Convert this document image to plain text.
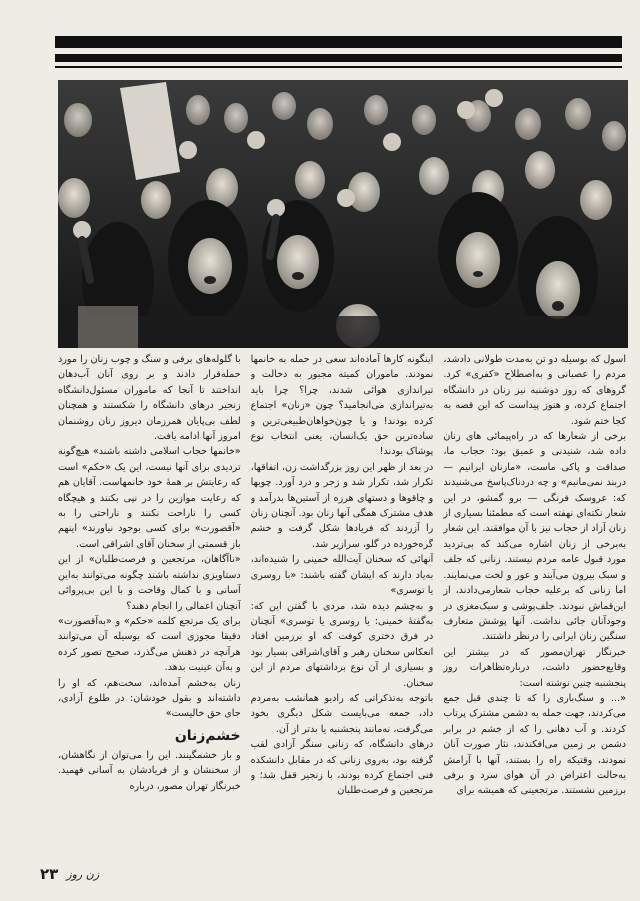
اسول که بوسیله دو تن به‌مدت طولانی دادشد، مردم را عصبانی و به‌اصطلاح «کفری» کرد. گروهای که روز دوشنبه نیز زنان در دانشگاه اجتماع کرده، و هنوز پیداست که این قصه به کجا ختم شود.

برخی از شعارها که در راه‌پیمائی های زنان داده شد، شنیدنی و عمیق بود: حجاب ما، صداقت و پاکی ماست، «مازنان ایرانیم — دربند نمی‌مانیم» و چه دردناک‌پاسخ می‌شنیدند که: عروسک فرنگی — برو گمشو، در این شعار نکته‌ای نهفته است که مطمئنا بسیاری از زنان آزاد از حجاب نیز با آن موافقند. این شعار به‌برخی از زنان اشاره می‌کند که بی‌تردید مورد قبول عامه مردم نیستند. زنانی که جلف و سبک بیرون می‌آیند و عور و لخت می‌نمایند. اما زنانی که برعلیه حجاب شعارمی‌دادند، از این‌قماش نبودند. جلف‌پوشی و سبک‌مغزی در وجودآنان جائی نداشت. آنها پوشش متعارف سنگین زنان ایرانی را درنظر داشتند.

خبرنگار تهران‌مصور که در بیشتر این وقایع‌حضور داشت، درباره‌تظاهرات روز پنجشنبه چنین نوشته است:

«... و سنگ‌باری را که تا چندی قبل جمع می‌کردند، جهت حمله به دشمن مشترک پرتاب کردند. و آب دهانی را که از خشم در برابر دشمن بر زمین می‌افکندند، نثار صورت آنان نمودند، وقتیکه راه را بستند، آنها با آرامش به‌حالت اعتراض در آن هوای سرد و برفی برزمین نشستند. مرتجعینی که همیشه برای

اینگونه کارها آماده‌اند سعی در حمله به خانمها نمودند. ماموران کمیته مجبور به دخالت و تیراندازی هوائی شدند، چرا؟ چرا باید به‌تیراندازی می‌انجامید؟ چون «زنان» اجتماع کرده بودند! و یا چون‌خواهان‌طبیعی‌ترین و ساده‌ترین حق یک‌انسان، یعنی انتخاب نوع پوشاک بودند!

در بعد از ظهر این روز بزرگداشت زن، اتفاقها، تکرار شد، تکرار شد و زجر و درد آورد. چوبها و چاقوها و دستهای هرزه از آستین‌ها بدرآمد و هدف مشترک همگی آنها زنان بود. آنچنان زنان را آزردند که فریادها شکل گرفت و خشم گره‌خورده در گلو، سرازیر شد.

آنهائی که سخنان آیت‌الله خمینی را شنیده‌اند، به‌یاد دارند که ایشان گفته باشند: «با روسری یا توسری»

و به‌چشم دیده شد، مردی با گفتن این که: به‌گفتهٔ خمینی: یا روسری یا توسری» آنچنان در فرق دختری کوفت که او برزمین افتاد انعکاس سخنان رهبر و آقای‌اشراقی بسیار بود و بسیاری از آن نوع برداشتهای مردم از این سخنان.

باتوجه به‌تذکراتی که رادیو همانشب به‌مردم داد، جمعه می‌بایست شکل دیگری بخود می‌گرفت، نه‌مانند پنجشنبه یا بدتر از آن.

درهای دانشگاه، که زنانی سنگر آزادی لقب گرفته بود، به‌روی زنانی که در مقابل دانشکده فنی اجتماع کرده بودند، با زنجیر قفل شد؛ و مرتجعین و فرصت‌طلبان

با گلوله‌های برفی و سنگ و چوب زنان را مورد حمله‌قرار دادند و بر روی آنان آب‌دهان انداختند تا آنجا که ماموران مسئول‌دانشگاه زنجیر درهای دانشگاه را شکستند و همچنان لطف بی‌پایان همرزمان دیروز زنان روشنمان امروز آنها ادامه یافت.

«خانمها حجاب اسلامی داشته باشند» هیچ‌گونه تردیدی برای آنها نیست، این یک «حکم» است که رعایتش بر همهٔ خود خانمهاست. آقایان هم که رعایت موازین را در نپی بکنند و هیچگاه کسی را ناراحت نکنند و ناراحتی را به «آقصورت» برای کسی بوجود نیاورند» اینهم باز قسمتی از سخنان آقای اشراقی است.

«ناآگاهان، مرتجعین و فرصت‌طلبان» از این دستاویزی نداشته باشند چگونه می‌توانند به‌این آسانی و با کمال وقاحت و با این بی‌پروائی آنچنان اعمالی را انجام دهند؟

برای یک مرتجع کلمه «حکم» و «به‌آقصورت» دقیقا مجوزی است که بوسیله آن می‌توانند هرآنچه در ذهنش می‌گذرد، صحیح تصور کرده و به‌آن عینیت بدهد.

زنان به‌خشم آمده‌اند، سخت‌هم، که او را داشته‌اند و بقول خودشان: در طلوع آزادی، جای حق خالیست»

خشم‌زنان

و باز خشمگینند. این را می‌توان از نگاهشان، از سخنشان و از فریادشان به آسانی فهمید. خبرنگار تهران مصور، درباره

۲۳ زن روز
